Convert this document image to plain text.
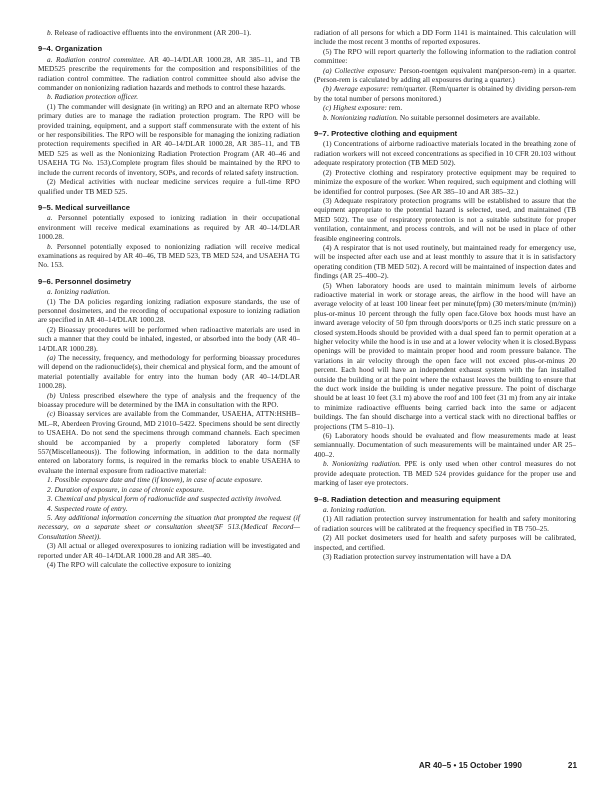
b. Release of radioactive effluents into the environment (AR 200–1).

9–4. Organization

a. Radiation control committee. AR 40–14/DLAR 1000.28, AR 385–11, and TB MED525 prescribe the requirements for the composition and responsibilities of the radiation control committee. The radiation control committee should also advise the commander on nonionizing radiation hazards and methods to control these hazards.

b. Radiation protection officer.

(1) The commander will designate (in writing) an RPO and an alternate RPO whose primary duties are to manage the radiation protection program. The RPO will be provided training, equipment, and a support staff commensurate with the extent of his or her responsibilities. The RPO will be responsible for managing the ionizing radiation protection requirements specified in AR 40–14/DLAR 1000.28, AR 385–11, and TB MED 525 as well as the Nonionizing Radiation Protection Program (AR 40–46 and USAEHA TG No. 153).Complete program files should be maintained by the RPO to include the current records of inventory, SOPs, and records of related safety instruction.

(2) Medical activities with nuclear medicine services require a full-time RPO qualified under TB MED 525.

9–5. Medical surveillance

a. Personnel potentially exposed to ionizing radiation in their occupational environment will receive medical examinations as required by AR 40–14/DLAR 1000.28.

b. Personnel potentially exposed to nonionizing radiation will receive medical examinations as required by AR 40–46, TB MED 523, TB MED 524, and USAEHA TG No. 153.

9–6. Personnel dosimetry

a. Ionizing radiation.

(1) The DA policies regarding ionizing radiation exposure standards, the use of personnel dosimeters, and the recording of occupational exposure to ionizing radiation are specified in AR 40–14/DLAR 1000.28.

(2) Bioassay procedures will be performed when radioactive materials are used in such a manner that they could be inhaled, ingested, or absorbed into the body (AR 40–14/DLAR 1000.28).

(a) The necessity, frequency, and methodology for performing bioassay procedures will depend on the radionuclide(s), their chemical and physical form, and the amount of material potentially available for entry into the human body (AR 40–14/DLAR 1000.28).

(b) Unless prescribed elsewhere the type of analysis and the frequency of the bioassay procedure will be determined by the IMA in consultation with the RPO.

(c) Bioassay services are available from the Commander, USAEHA, ATTN:HSHB–ML–R, Aberdeen Proving Ground, MD 21010–5422. Specimens should be sent directly to USAEHA. Do not send the specimens through command channels. Each specimen should be accompanied by a properly completed laboratory form (SF 557(Miscellaneous)). The following information, in addition to the data normally entered on laboratory forms, is required in the remarks block to enable USAEHA to evaluate the internal exposure from radioactive material:

1. Possible exposure date and time (if known), in case of acute exposure.

2. Duration of exposure, in case of chronic exposure.

3. Chemical and physical form of radionuclide and suspected activity involved.

4. Suspected route of entry.

5. Any additional information concerning the situation that prompted the request (if necessary, on a separate sheet or consultation sheet(SF 513.(Medical Record—Consultation Sheet)).

(3) All actual or alleged overexposures to ionizing radiation will be investigated and reported under AR 40–14/DLAR 1000.28 and AR 385–40.

(4) The RPO will calculate the collective exposure to ionizing

radiation of all persons for which a DD Form 1141 is maintained. This calculation will include the most recent 3 months of reported exposures.

(5) The RPO will report quarterly the following information to the radiation control committee:

(a) Collective exposure: Person-roentgen equivalent man(person-rem) in a quarter. (Person-rem is calculated by adding all exposures during a quarter.)

(b) Average exposure: rem/quarter. (Rem/quarter is obtained by dividing person-rem by the total number of persons monitored.)

(c) Highest exposure: rem.

b. Nonionizing radiation. No suitable personnel dosimeters are available.

9–7. Protective clothing and equipment

(1) Concentrations of airborne radioactive materials located in the breathing zone of radiation workers will not exceed concentrations as specified in 10 CFR 20.103 without adequate respiratory protection (TB MED 502).

(2) Protective clothing and respiratory protective equipment may be required to minimize the exposure of the worker. When required, such equipment and clothing will be identified for control purposes. (See AR 385–10 and AR 385–32.)

(3) Adequate respiratory protection programs will be established to assure that the equipment appropriate to the potential hazard is selected, used, and maintained (TB MED 502). The use of respiratory protection is not a suitable substitute for proper ventilation, containment, and process controls, and will not be used in place of other feasible engineering controls.

(4) A respirator that is not used routinely, but maintained ready for emergency use, will be inspected after each use and at least monthly to assure that it is in satisfactory operating condition (TB MED 502). A record will be maintained of inspection dates and findings (AR 25–400–2).

(5) When laboratory hoods are used to maintain minimum levels of airborne radioactive material in work or storage areas, the airflow in the hood will have an average velocity of at least 100 linear feet per minute(fpm) (30 meters/minute (m/min)) plus-or-minus 10 percent through the fully open face.Glove box hoods must have an inward average velocity of 50 fpm through doors/ports or 0.25 inch static pressure on a closed system.Hoods should be provided with a dual speed fan to permit operation at a higher velocity while the hood is in use and at a lower velocity when it is closed.Bypass openings will be provided to maintain proper hood and room pressure balance. The variations in air velocity through the open face will not exceed plus-or-minus 20 percent. Each hood will have an independent exhaust system with the fan installed outside the building or at the point where the exhaust leaves the building to ensure that the duct work inside the building is under negative pressure. The point of discharge should be at least 10 feet (3.1 m) above the roof and 100 feet (31 m) from any air intake to minimize radioactive effluents being carried back into the same or adjacent buildings. The fan should discharge into a vertical stack with no directional baffles or projections (TM 5–810–1).

(6) Laboratory hoods should be evaluated and flow measurements made at least semiannually. Documentation of such measurements will be maintained under AR 25–400–2.

b. Nonionizing radiation. PPE is only used when other control measures do not provide adequate protection. TB MED 524 provides guidance for the proper use and marking of laser eye protectors.

9–8. Radiation detection and measuring equipment

a. Ionizing radiation.

(1) All radiation protection survey instrumentation for health and safety monitoring of radiation sources will be calibrated at the frequency specified in TB 750–25.

(2) All pocket dosimeters used for health and safety purposes will be calibrated, inspected, and certified.

(3) Radiation protection survey instrumentation will have a DA

AR 40–5 • 15 October 1990	21
